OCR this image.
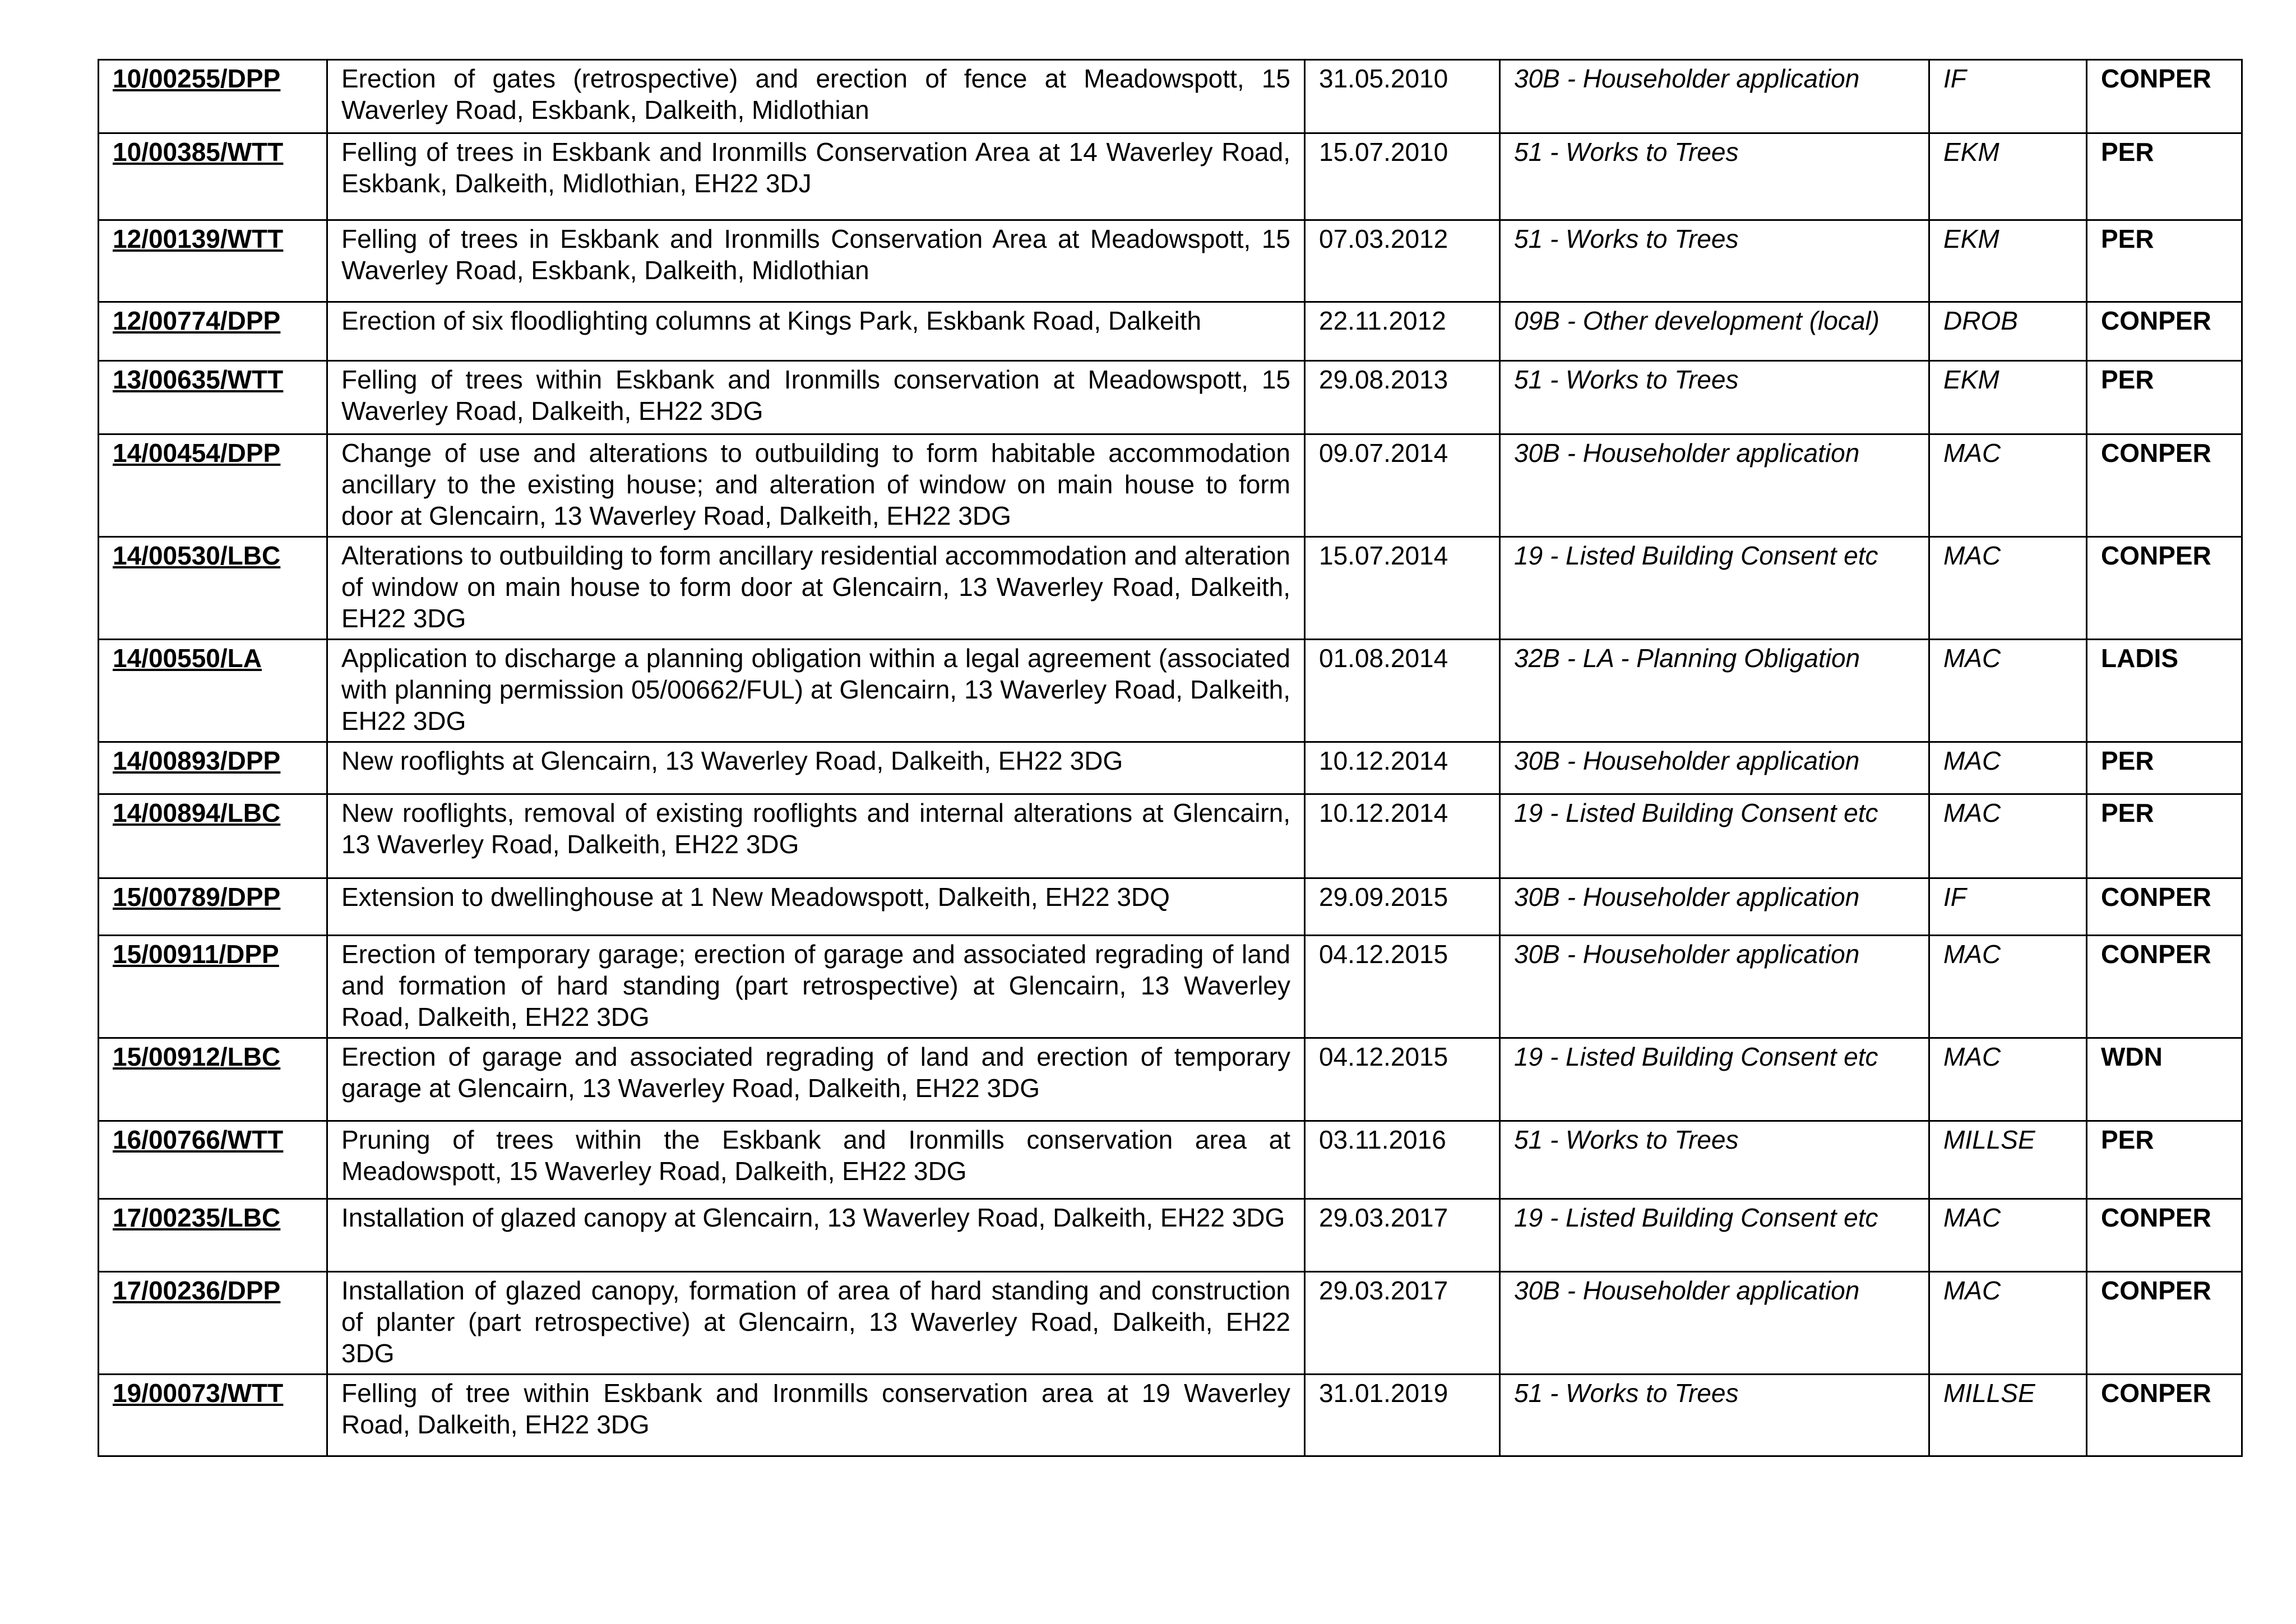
10/00255/DPP	Erection of gates (retrospective) and erection of fence at Meadowspott, 15 Waverley Road, Eskbank, Dalkeith, Midlothian	31.05.2010	30B - Householder application	IF	CONPER
10/00385/WTT	Felling of trees in Eskbank and Ironmills Conservation Area at 14 Waverley Road, Eskbank, Dalkeith, Midlothian, EH22 3DJ	15.07.2010	51 - Works to Trees	EKM	PER
12/00139/WTT	Felling of trees in Eskbank and Ironmills Conservation Area at Meadowspott, 15 Waverley Road, Eskbank, Dalkeith, Midlothian	07.03.2012	51 - Works to Trees	EKM	PER
12/00774/DPP	Erection of six floodlighting columns at Kings Park, Eskbank Road, Dalkeith	22.11.2012	09B - Other development (local)	DROB	CONPER
13/00635/WTT	Felling of trees within Eskbank and Ironmills conservation at Meadowspott, 15 Waverley Road, Dalkeith, EH22 3DG	29.08.2013	51 - Works to Trees	EKM	PER
14/00454/DPP	Change of use and alterations to outbuilding to form habitable accommodation ancillary to the existing house; and alteration of window on main house to form door at Glencairn, 13 Waverley Road, Dalkeith, EH22 3DG	09.07.2014	30B - Householder application	MAC	CONPER
14/00530/LBC	Alterations to outbuilding to form ancillary residential accommodation and alteration of window on main house to form door at Glencairn, 13 Waverley Road, Dalkeith, EH22 3DG	15.07.2014	19 - Listed Building Consent etc	MAC	CONPER
14/00550/LA	Application to discharge a planning obligation within a legal agreement (associated with planning permission 05/00662/FUL) at Glencairn, 13 Waverley Road, Dalkeith, EH22 3DG	01.08.2014	32B - LA - Planning Obligation	MAC	LADIS
14/00893/DPP	New rooflights at Glencairn, 13 Waverley Road, Dalkeith, EH22 3DG	10.12.2014	30B - Householder application	MAC	PER
14/00894/LBC	New rooflights, removal of existing rooflights and internal alterations at Glencairn, 13 Waverley Road, Dalkeith, EH22 3DG	10.12.2014	19 - Listed Building Consent etc	MAC	PER
15/00789/DPP	Extension to dwellinghouse at 1 New Meadowspott, Dalkeith, EH22 3DQ	29.09.2015	30B - Householder application	IF	CONPER
15/00911/DPP	Erection of temporary garage; erection of garage and associated regrading of land and formation of hard standing (part retrospective) at Glencairn, 13 Waverley Road, Dalkeith, EH22 3DG	04.12.2015	30B - Householder application	MAC	CONPER
15/00912/LBC	Erection of garage and associated regrading of land and erection of temporary garage at Glencairn, 13 Waverley Road, Dalkeith, EH22 3DG	04.12.2015	19 - Listed Building Consent etc	MAC	WDN
16/00766/WTT	Pruning of trees within the Eskbank and Ironmills conservation area at Meadowspott, 15 Waverley Road, Dalkeith, EH22 3DG	03.11.2016	51 - Works to Trees	MILLSE	PER
17/00235/LBC	Installation of glazed canopy at Glencairn, 13 Waverley Road, Dalkeith, EH22 3DG	29.03.2017	19 - Listed Building Consent etc	MAC	CONPER
17/00236/DPP	Installation of glazed canopy, formation of area of hard standing and construction of planter (part retrospective) at Glencairn, 13 Waverley Road, Dalkeith, EH22 3DG	29.03.2017	30B - Householder application	MAC	CONPER
19/00073/WTT	Felling of tree within Eskbank and Ironmills conservation area at 19 Waverley Road, Dalkeith, EH22 3DG	31.01.2019	51 - Works to Trees	MILLSE	CONPER
